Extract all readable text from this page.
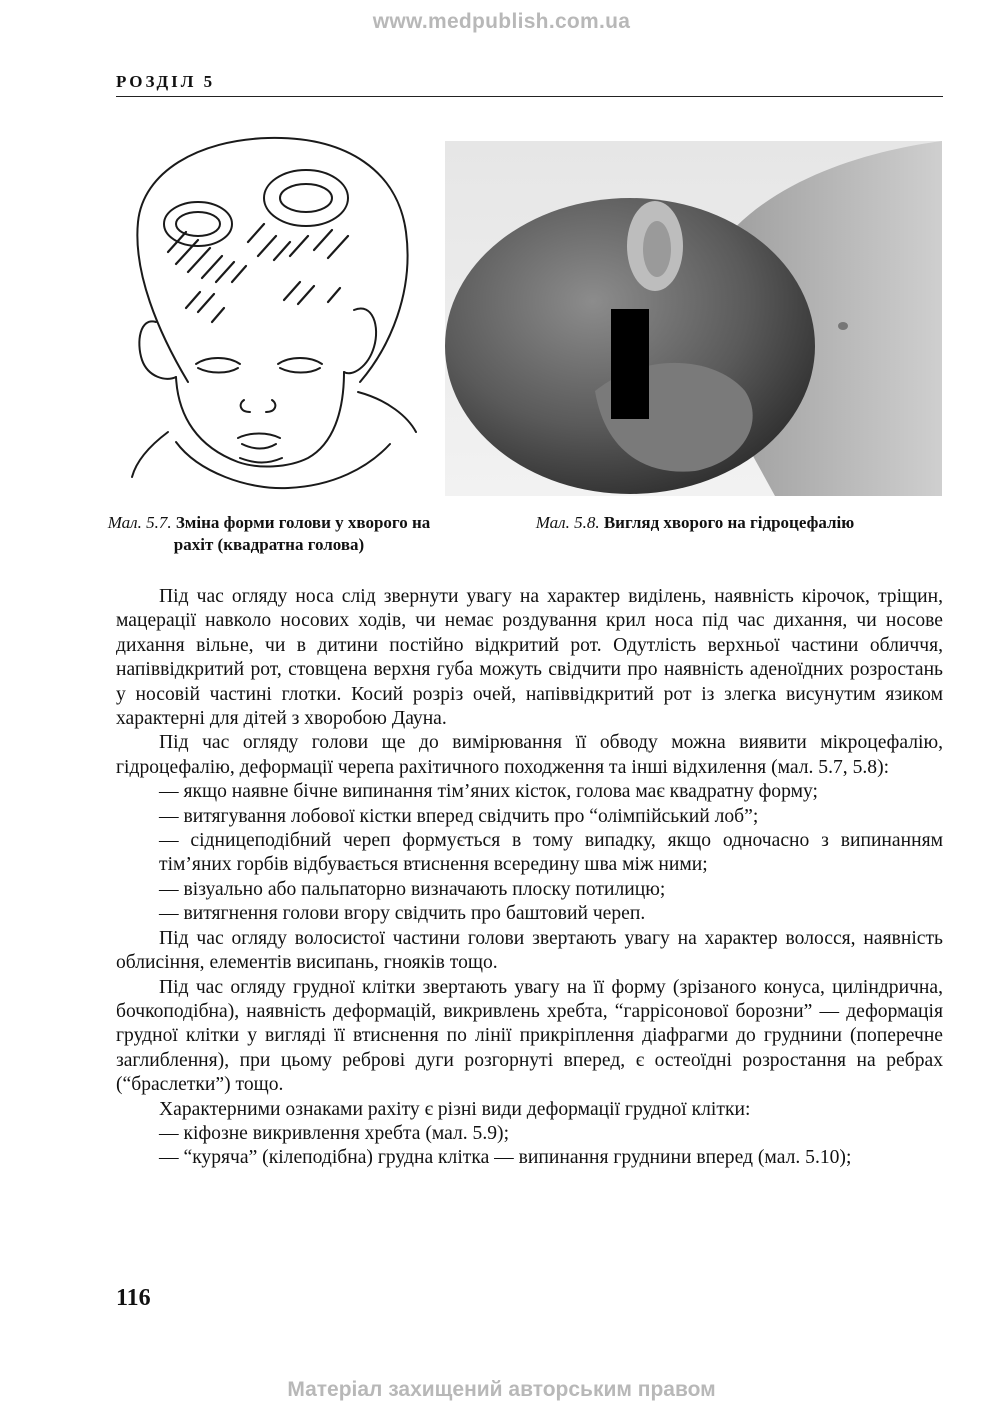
www.medpublish.com.ua
РОЗДІЛ 5
Мал. 5.7. Зміна форми голови у хворого на рахіт (квадратна голова)
Мал. 5.8. Вигляд хворого на гідроцефалію

Під час огляду носа слід звернути увагу на характер виділень, наявність кірочок, тріщин, мацерації навколо носових ходів, чи немає роздування крил носа під час дихання, чи носове дихання вільне, чи в дитини постійно відкритий рот. Одутлість верхньої частини обличчя, напіввідкритий рот, стовщена верхня губа можуть свідчити про наявність аденоїдних розростань у носовій частині глотки. Косий розріз очей, напіввідкритий рот із злегка висунутим язиком характерні для дітей з хворобою Дауна.

Під час огляду голови ще до вимірювання її обводу можна виявити мікроцефалію, гідроцефалію, деформації черепа рахітичного походження та інші відхилення (мал. 5.7, 5.8):

— якщо наявне бічне випинання тім’яних кісток, голова має квадратну форму;

— витягування лобової кістки вперед свідчить про “олімпійський лоб”;

— сідницеподібний череп формується в тому випадку, якщо одночасно з випинанням тім’яних горбів відбувається втиснення всередину шва між ними;

— візуально або пальпаторно визначають плоску потилицю;

— витягнення голови вгору свідчить про баштовий череп.

Під час огляду волосистої частини голови звертають увагу на характер волосся, наявність облисіння, елементів висипань, гнояків тощо.

Під час огляду грудної клітки звертають увагу на її форму (зрізаного конуса, циліндрична, бочкоподібна), наявність деформацій, викривлень хребта, “гаррісонової борозни” — деформація грудної клітки у вигляді її втиснення по лінії прикріплення діафрагми до груднини (поперечне заглиблення), при цьому реброві дуги розгорнуті вперед, є остеоїдні розростання на ребрах (“браслетки”) тощо.

Характерними ознаками рахіту є різні види деформації грудної клітки:

— кіфозне викривлення хребта (мал. 5.9);

— “куряча” (кілеподібна) грудна клітка — випинання груднини вперед (мал. 5.10);

116
Матеріал захищений авторським правом
